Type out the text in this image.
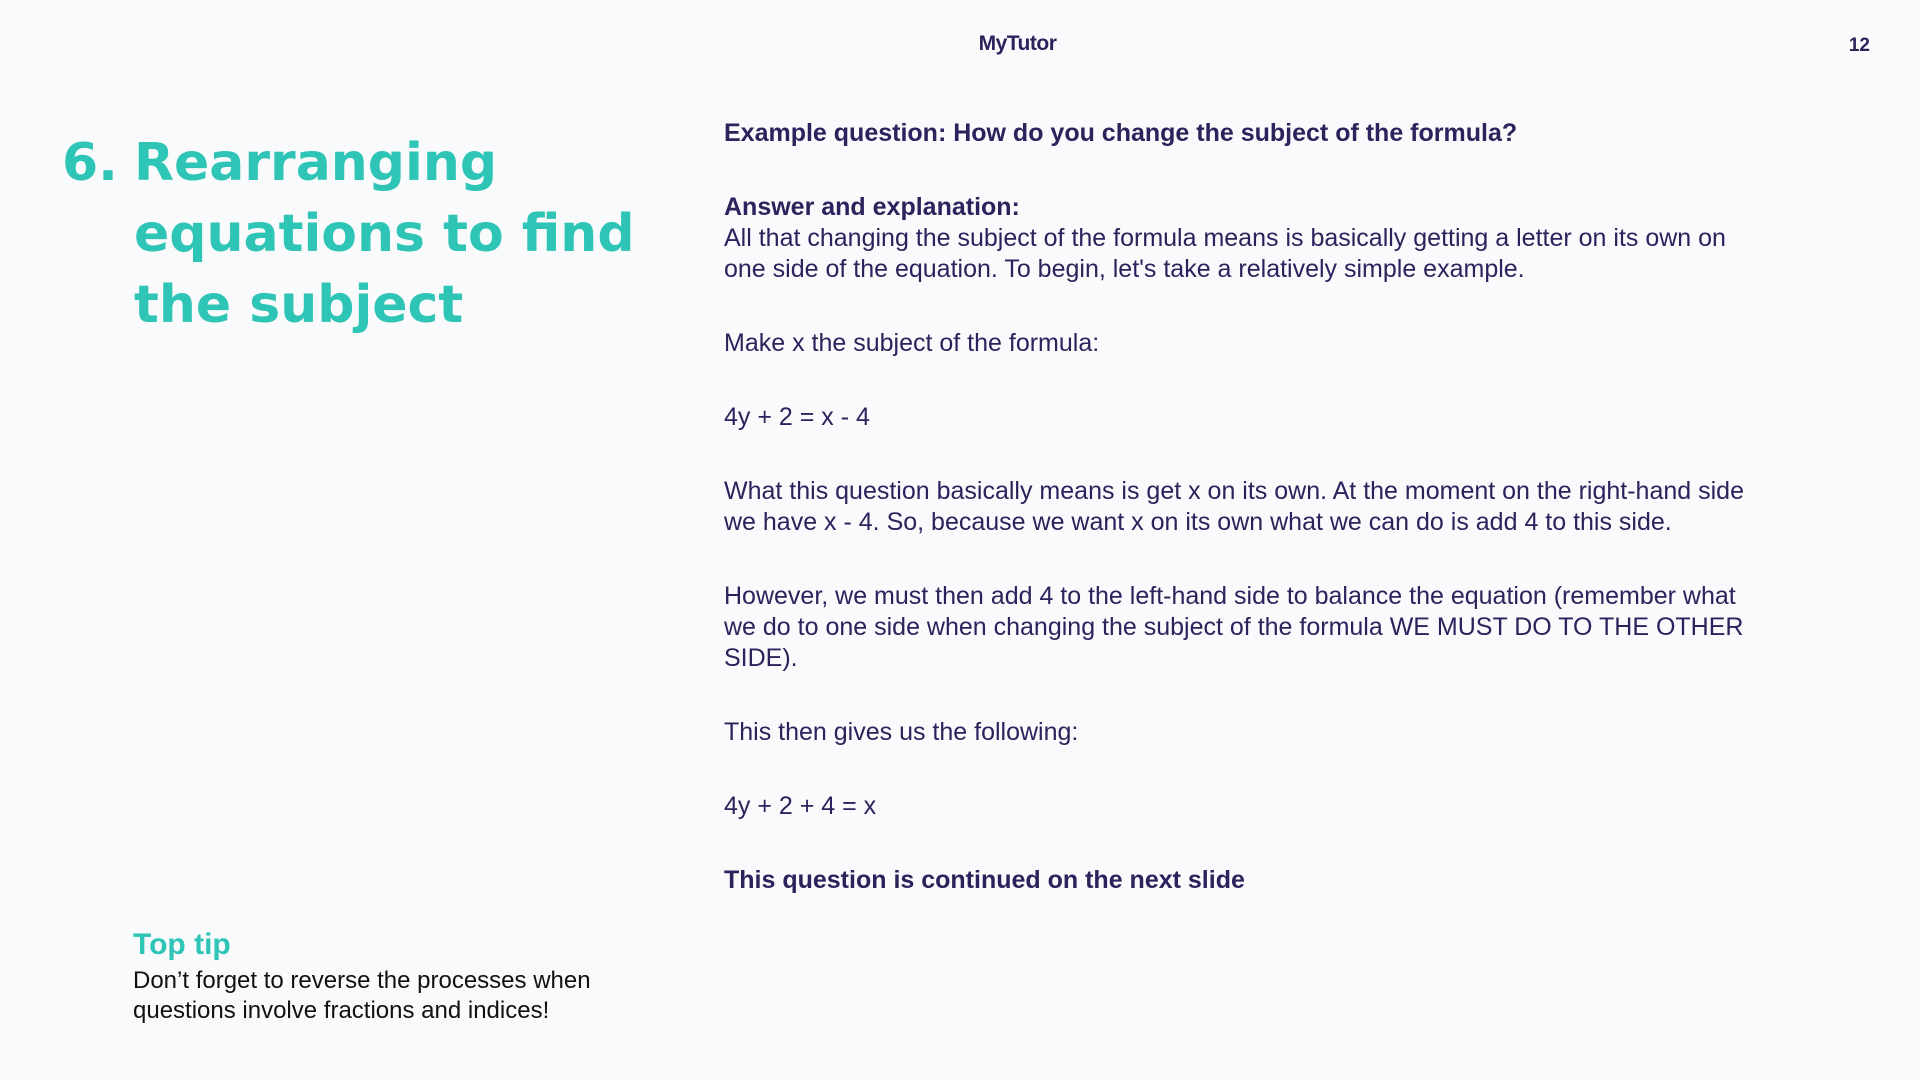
MyTutor	12
6. Rearranging equations to find the subject
Top tip
Don’t forget to reverse the processes when questions involve fractions and indices!

Example question: How do you change the subject of the formula?

Answer and explanation:
All that changing the subject of the formula means is basically getting a letter on its own on one side of the equation. To begin, let's take a relatively simple example.

Make x the subject of the formula:

4y + 2 = x - 4

What this question basically means is get x on its own. At the moment on the right-hand side we have x - 4. So, because we want x on its own what we can do is add 4 to this side.

However, we must then add 4 to the left-hand side to balance the equation (remember what we do to one side when changing the subject of the formula WE MUST DO TO THE OTHER SIDE).

This then gives us the following:

4y + 2 + 4 = x

This question is continued on the next slide
